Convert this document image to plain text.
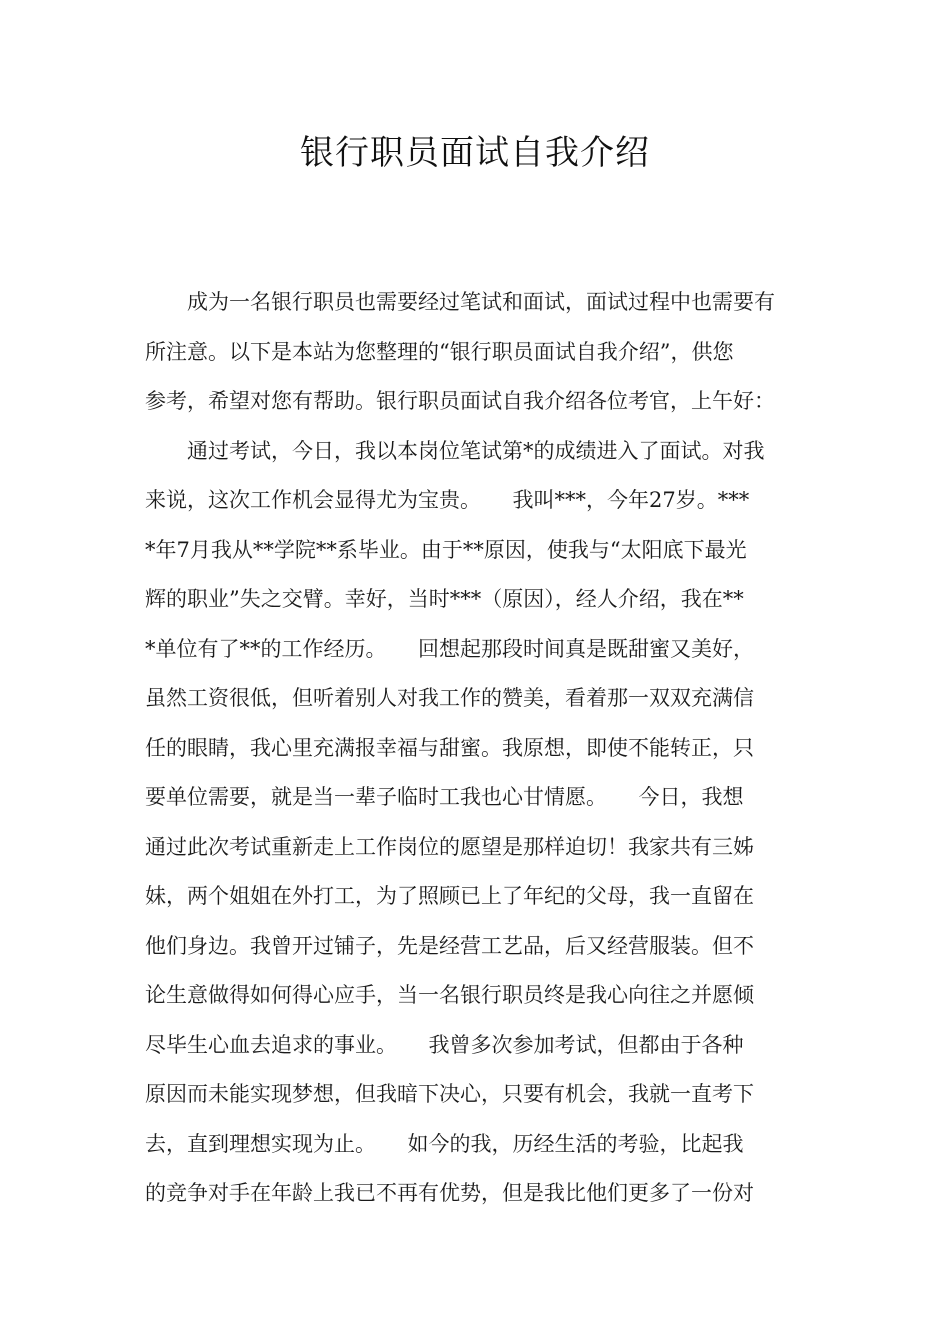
银行职员面试自我介绍
　　成为一名银行职员也需要经过笔试和面试，面试过程中也需要有
所注意。以下是本站为您整理的“银行职员面试自我介绍”，供您
参考，希望对您有帮助。银行职员面试自我介绍各位考官，上午好：
　　通过考试，今日，我以本岗位笔试第*的成绩进入了面试。对我
来说，这次工作机会显得尤为宝贵。　　我叫***，今年27岁。***
*年7月我从**学院**系毕业。由于**原因，使我与“太阳底下最光
辉的职业”失之交臂。幸好，当时***（原因），经人介绍，我在**
*单位有了**的工作经历。　　回想起那段时间真是既甜蜜又美好，
虽然工资很低，但听着别人对我工作的赞美，看着那一双双充满信
任的眼睛，我心里充满报幸福与甜蜜。我原想，即使不能转正，只
要单位需要，就是当一辈子临时工我也心甘情愿。　　今日，我想
通过此次考试重新走上工作岗位的愿望是那样迫切！我家共有三姊
妹，两个姐姐在外打工，为了照顾已上了年纪的父母，我一直留在
他们身边。我曾开过铺子，先是经营工艺品，后又经营服装。但不
论生意做得如何得心应手，当一名银行职员终是我心向往之并愿倾
尽毕生心血去追求的事业。　　我曾多次参加考试，但都由于各种
原因而未能实现梦想，但我暗下决心，只要有机会，我就一直考下
去，直到理想实现为止。　　如今的我，历经生活的考验，比起我
的竞争对手在年龄上我已不再有优势，但是我比他们更多了一份对
